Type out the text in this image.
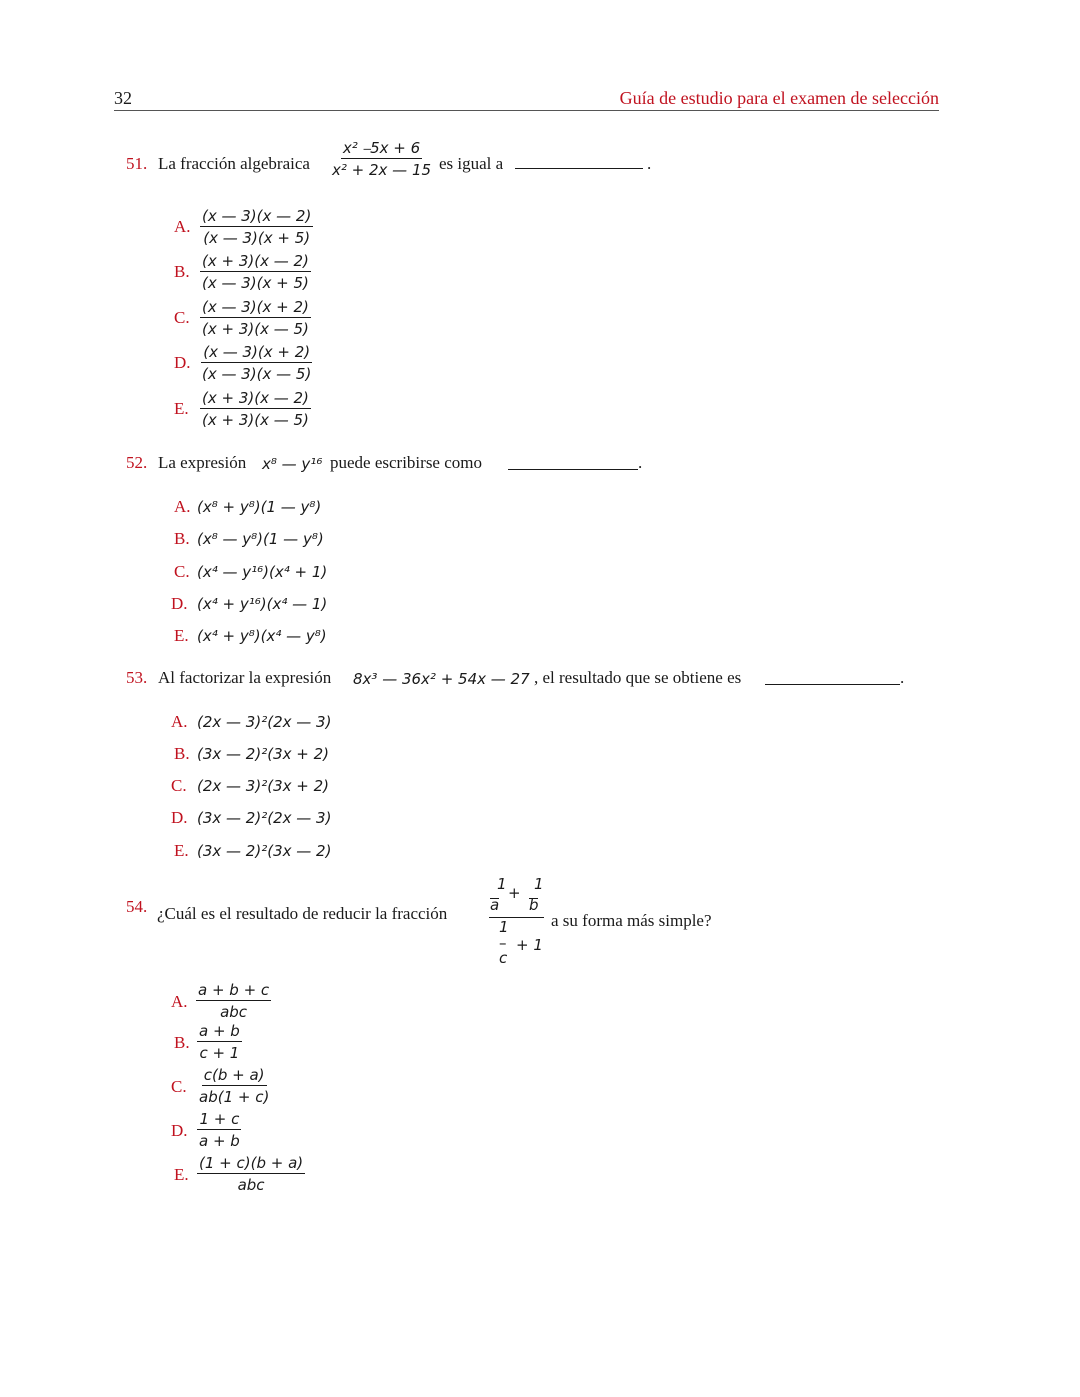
32	Guía de estudio para el examen de selección
51. La fracción algebraica $\frac{\text{x² ⎯5x + 6}}{\text{x² + 2x — 15}}$ es igual a	.
A. $\frac{(x — 3)(x — 2)}{(x — 3)(x + 5)}$
B. $\frac{(x + 3)(x — 2)}{(x — 3)(x + 5)}$
C. $\frac{(x — 3)(x + 2)}{(x + 3)(x — 5)}$
D. $\frac{(x — 3)(x + 2)}{(x — 3)(x — 5)}$
E. $\frac{(x + 3)(x — 2)}{(x + 3)(x — 5)}$
52. La expresión x⁸ — y¹⁶ puede escribirse como	.
A. (x⁸ + y⁸)(1 — y⁸)
B. (x⁸ — y⁸)(1 — y⁸)
C. (x⁴ — y¹⁶)(x⁴ + 1)
D. (x⁴ + y¹⁶)(x⁴ — 1)
E. (x⁴ + y⁸)(x⁴ — y⁸)
53. Al factorizar la expresión 8x³ — 36x² + 54x — 27 , el resultado que se obtiene es	.
A. (2x — 3)²(2x — 3)
B. (3x — 2)²(3x + 2)
C. (2x — 3)²(3x + 2)
D. (3x — 2)²(2x — 3)
E. (3x — 2)²(3x — 2)
54. ¿Cuál es el resultado de reducir la fracción
1 + 1
a b
1
–
c
+ 1
a su forma más simple?
A.
a + b + c
abc
B. $\frac{a + b}{c + 1}$
C. $\frac{c(b + a)}{ab(1 + c)}$
D. $\frac{1 + c}{a + b}$
E.
(1 + c)(b + a)
abc
